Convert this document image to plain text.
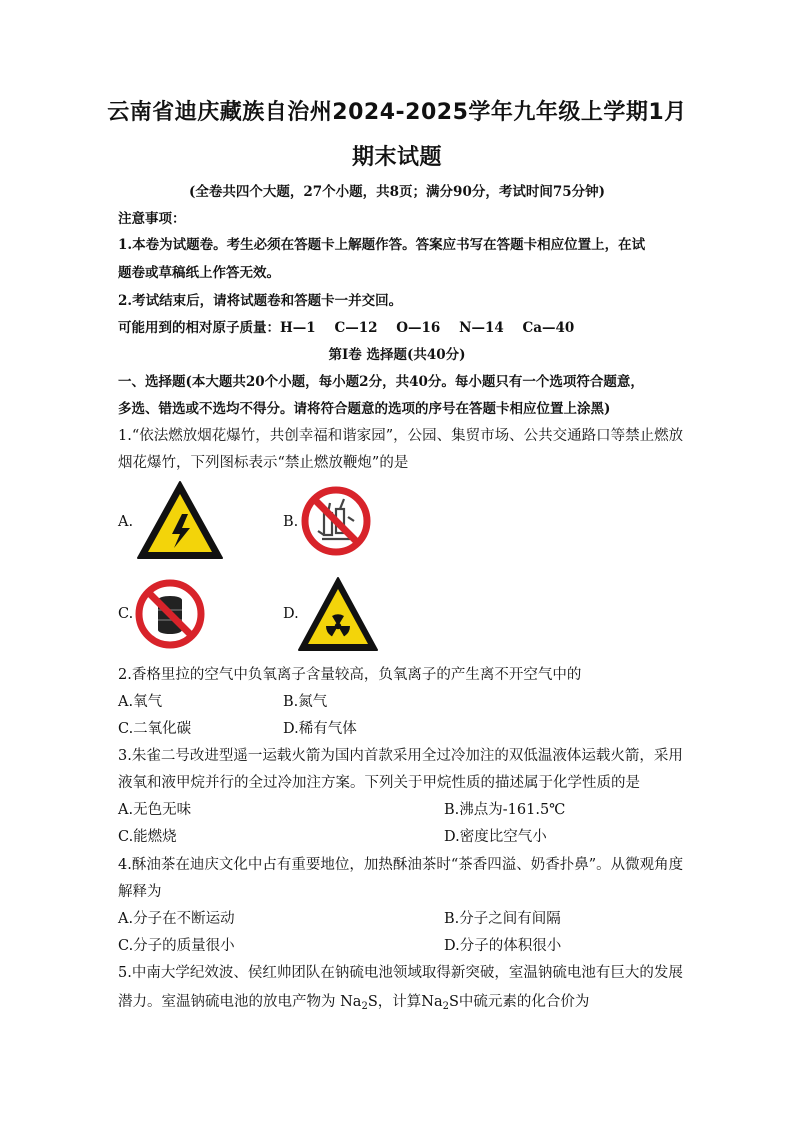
云南省迪庆藏族自治州2024-2025学年九年级上学期1月
期末试题
(全卷共四个大题，27个小题，共8页；满分90分，考试时间75分钟)
注意事项：
1.本卷为试题卷。考生必须在答题卡上解题作答。答案应书写在答题卡相应位置上，在试
题卷或草稿纸上作答无效。
2.考试结束后，请将试题卷和答题卡一并交回。
可能用到的相对原子质量：H—1    C—12    O—16    N—14    Ca—40
第Ⅰ卷 选择题(共40分)
一、选择题(本大题共20个小题，每小题2分，共40分。每小题只有一个选项符合题意，
多选、错选或不选均不得分。请将符合题意的选项的序号在答题卡相应位置上涂黑)
1.“依法燃放烟花爆竹，共创幸福和谐家园”，公园、集贸市场、公共交通路口等禁止燃放
烟花爆竹，下列图标表示“禁止燃放鞭炮”的是
A.	B.
C.	D.
2.香格里拉的空气中负氧离子含量较高，负氧离子的产生离不开空气中的
A.氧气	B.氮气
C.二氧化碳	D.稀有气体
3.朱雀二号改进型遥一运载火箭为国内首款采用全过冷加注的双低温液体运载火箭，采用
液氧和液甲烷并行的全过冷加注方案。下列关于甲烷性质的描述属于化学性质的是
A.无色无味	B.沸点为-161.5℃
C.能燃烧	D.密度比空气小
4.酥油茶在迪庆文化中占有重要地位，加热酥油茶时“茶香四溢、奶香扑鼻”。从微观角度
解释为
A.分子在不断运动	B.分子之间有间隔
C.分子的质量很小	D.分子的体积很小
5.中南大学纪效波、侯红帅团队在钠硫电池领域取得新突破，室温钠硫电池有巨大的发展
潜力。室温钠硫电池的放电产物为 $Na_2S$，计算$Na_2S$中硫元素的化合价为
